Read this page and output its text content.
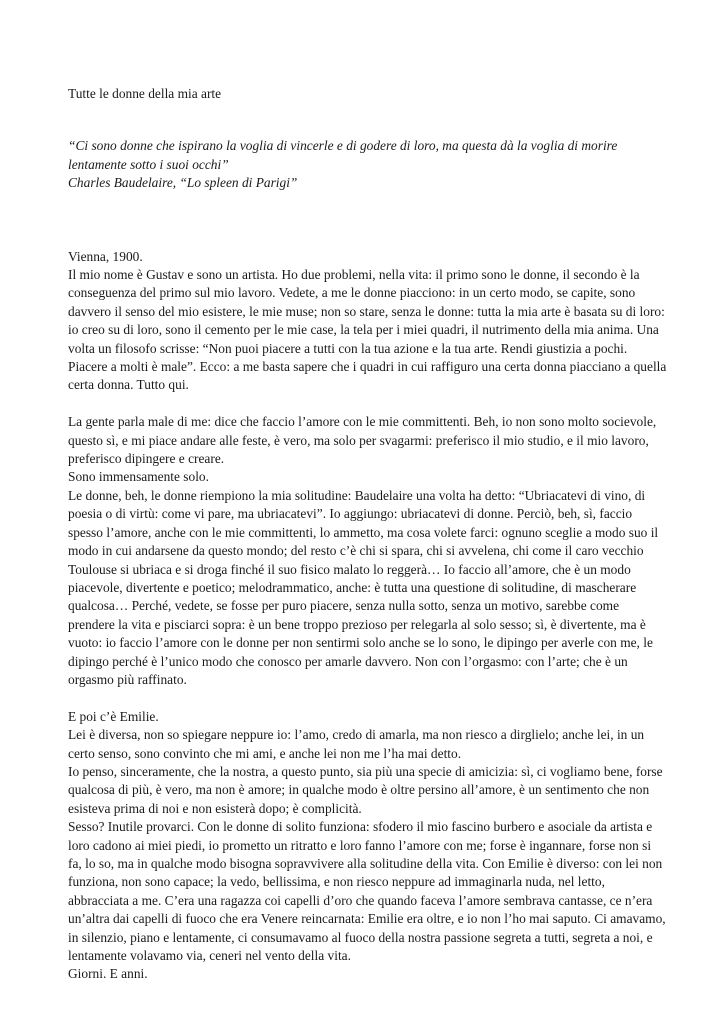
Tutte le donne della mia arte

“Ci sono donne che ispirano la voglia di vincerle e di godere di loro, ma questa dà la voglia di morire lentamente sotto i suoi occhi”

Charles Baudelaire, “Lo spleen di Parigi”

Vienna, 1900.

Il mio nome è Gustav e sono un artista. Ho due problemi, nella vita: il primo sono le donne, il secondo è la conseguenza del primo sul mio lavoro. Vedete, a me le donne piacciono: in un certo modo, se capite, sono davvero il senso del mio esistere, le mie muse; non so stare, senza le donne: tutta la mia arte è basata su di loro: io creo su di loro, sono il cemento per le mie case, la tela per i miei quadri, il nutrimento della mia anima. Una volta un filosofo scrisse: “Non puoi piacere a tutti con la tua azione e la tua arte. Rendi giustizia a pochi. Piacere a molti è male”. Ecco: a me basta sapere che i quadri in cui raffiguro una certa donna piacciano a quella certa donna. Tutto qui.

La gente parla male di me: dice che faccio l’amore con le mie committenti. Beh, io non sono molto socievole, questo sì, e mi piace andare alle feste, è vero, ma solo per svagarmi: preferisco il mio studio, e il mio lavoro, preferisco dipingere e creare.

Sono immensamente solo.

Le donne, beh, le donne riempiono la mia solitudine: Baudelaire una volta ha detto: “Ubriacatevi di vino, di poesia o di virtù: come vi pare, ma ubriacatevi”. Io aggiungo: ubriacatevi di donne. Perciò, beh, sì, faccio spesso l’amore, anche con le mie committenti, lo ammetto, ma cosa volete farci: ognuno sceglie a modo suo il modo in cui andarsene da questo mondo; del resto c’è chi si spara, chi si avvelena, chi come il caro vecchio Toulouse si ubriaca e si droga finché il suo fisico malato lo reggerà… Io faccio all’amore, che è un modo piacevole, divertente e poetico; melodrammatico, anche: è tutta una questione di solitudine, di mascherare qualcosa… Perché, vedete, se fosse per puro piacere, senza nulla sotto, senza un motivo, sarebbe come prendere la vita e pisciarci sopra: è un bene troppo prezioso per relegarla al solo sesso; sì, è divertente, ma è vuoto: io faccio l’amore con le donne per non sentirmi solo anche se lo sono, le dipingo per averle con me, le dipingo perché è l’unico modo che conosco per amarle davvero. Non con l’orgasmo: con l’arte; che è un orgasmo più raffinato.

E poi c’è Emilie.

Lei è diversa, non so spiegare neppure io: l’amo, credo di amarla, ma non riesco a dirglielo; anche lei, in un certo senso, sono convinto che mi ami, e anche lei non me l’ha mai detto.

Io penso, sinceramente, che la nostra, a questo punto, sia più una specie di amicizia: sì, ci vogliamo bene, forse qualcosa di più, è vero, ma non è amore; in qualche modo è oltre persino all’amore, è un sentimento che non esisteva prima di noi e non esisterà dopo; è complicità.

Sesso? Inutile provarci. Con le donne di solito funziona: sfodero il mio fascino burbero e asociale da artista e loro cadono ai miei piedi, io prometto un ritratto e loro fanno l’amore con me; forse è ingannare, forse non si fa, lo so, ma in qualche modo bisogna sopravvivere alla solitudine della vita. Con Emilie è diverso: con lei non funziona, non sono capace; la vedo, bellissima, e non riesco neppure ad immaginarla nuda, nel letto, abbracciata a me. C’era una ragazza coi capelli d’oro che quando faceva l’amore sembrava cantasse, ce n’era un’altra dai capelli di fuoco che era Venere reincarnata: Emilie era oltre, e io non l’ho mai saputo. Ci amavamo, in silenzio, piano e lentamente, ci consumavamo al fuoco della nostra passione segreta a tutti, segreta a noi, e lentamente volavamo via, ceneri nel vento della vita.

Giorni. E anni.
